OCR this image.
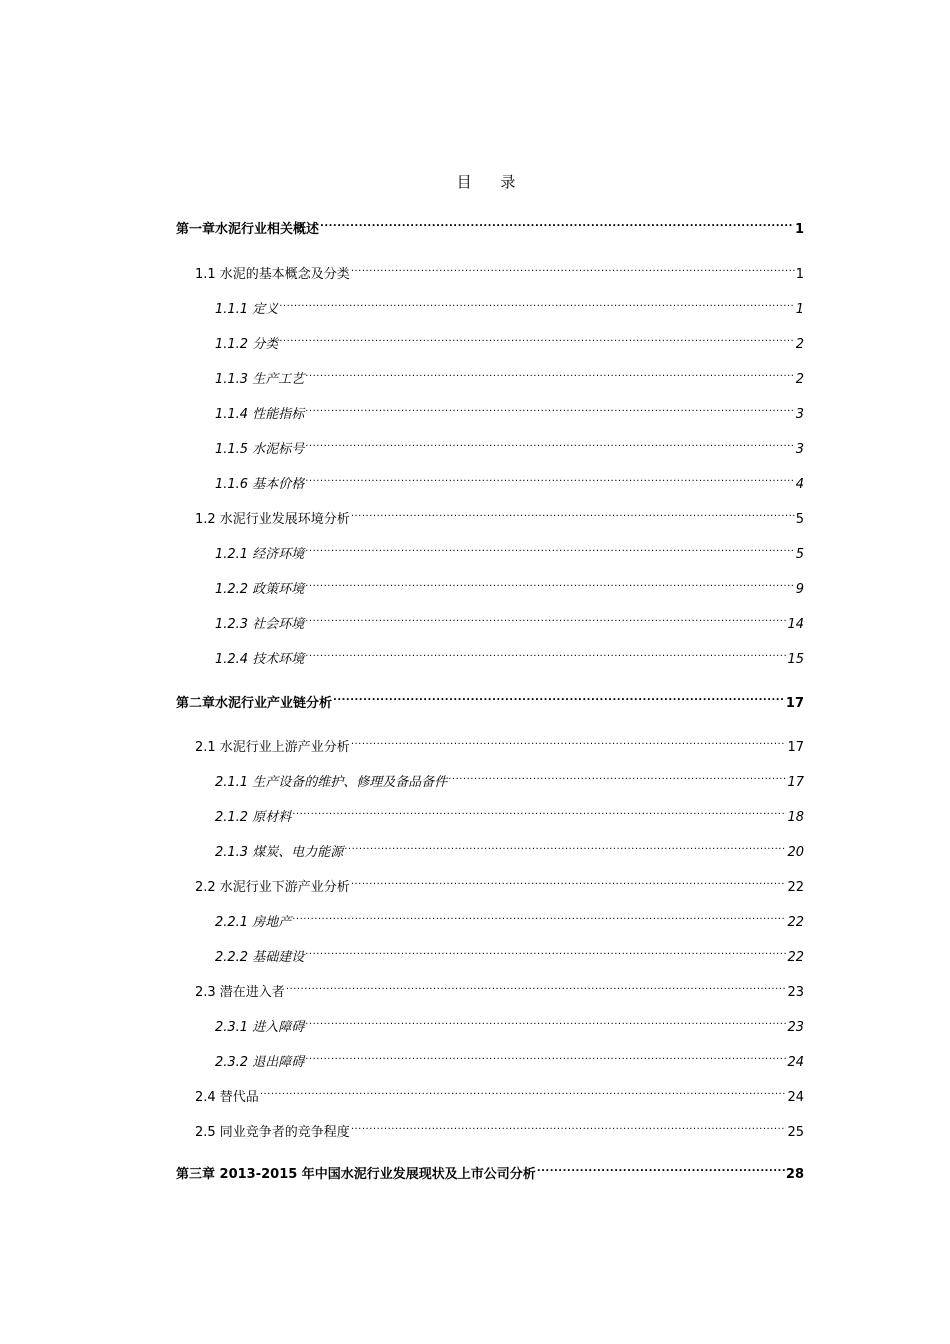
目 录
第一章水泥行业相关概述 .....	1
1.1 水泥的基本概念及分类 .....	1
1.1.1 定义 .....	1
1.1.2 分类 .....	2
1.1.3 生产工艺 .....	2
1.1.4 性能指标 .....	3
1.1.5 水泥标号 .....	3
1.1.6 基本价格 .....	4
1.2 水泥行业发展环境分析 .....	5
1.2.1 经济环境 .....	5
1.2.2 政策环境 .....	9
1.2.3 社会环境 .....	14
1.2.4 技术环境 .....	15
第二章水泥行业产业链分析 .....	17
2.1 水泥行业上游产业分析 .....	17
2.1.1 生产设备的维护、修理及备品备件 .....	17
2.1.2 原材料 .....	18
2.1.3 煤炭、电力能源 .....	20
2.2 水泥行业下游产业分析 .....	22
2.2.1 房地产 .....	22
2.2.2 基础建设 .....	22
2.3 潜在进入者 .....	23
2.3.1 进入障碍 .....	23
2.3.2 退出障碍 .....	24
2.4 替代品 .....	24
2.5 同业竞争者的竞争程度 .....	25
第三章 2013-2015 年中国水泥行业发展现状及上市公司分析 .....	28
